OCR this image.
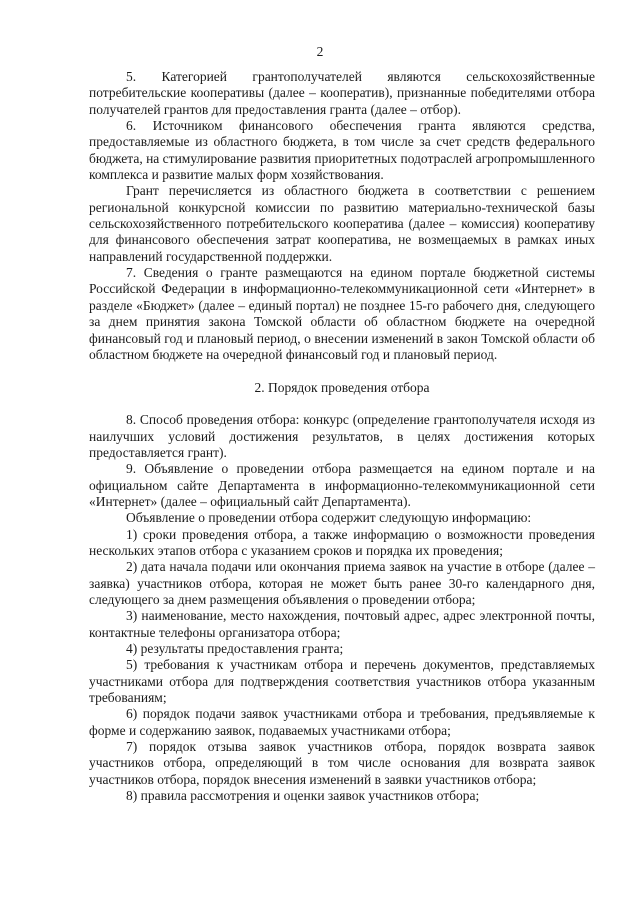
2

5. Категорией грантополучателей являются сельскохозяйственные потребительские кооперативы (далее – кооператив), признанные победителями отбора получателей грантов для предоставления гранта (далее – отбор).

6. Источником финансового обеспечения гранта являются средства, предоставляемые из областного бюджета, в том числе за счет средств федерального бюджета, на стимулирование развития приоритетных подотраслей агропромышленного комплекса и развитие малых форм хозяйствования.

Грант перечисляется из областного бюджета в соответствии с решением региональной конкурсной комиссии по развитию материально-технической базы сельскохозяйственного потребительского кооператива (далее – комиссия) кооперативу для финансового обеспечения затрат кооператива, не возмещаемых в рамках иных направлений государственной поддержки.

7. Сведения о гранте размещаются на едином портале бюджетной системы Российской Федерации в информационно-телекоммуникационной сети «Интернет» в разделе «Бюджет» (далее – единый портал) не позднее 15-го рабочего дня, следующего за днем принятия закона Томской области об областном бюджете на очередной финансовый год и плановый период, о внесении изменений в закон Томской области об областном бюджете на очередной финансовый год и плановый период.

2. Порядок проведения отбора

8. Способ проведения отбора: конкурс (определение грантополучателя исходя из наилучших условий достижения результатов, в целях достижения которых предоставляется грант).

9. Объявление о проведении отбора размещается на едином портале и на официальном сайте Департамента в информационно-телекоммуникационной сети «Интернет» (далее – официальный сайт Департамента).

Объявление о проведении отбора содержит следующую информацию:

1) сроки проведения отбора, а также информацию о возможности проведения нескольких этапов отбора с указанием сроков и порядка их проведения;

2) дата начала подачи или окончания приема заявок на участие в отборе (далее – заявка) участников отбора, которая не может быть ранее 30-го календарного дня, следующего за днем размещения объявления о проведении отбора;

3) наименование, место нахождения, почтовый адрес, адрес электронной почты, контактные телефоны организатора отбора;

4) результаты предоставления гранта;

5) требования к участникам отбора и перечень документов, представляемых участниками отбора для подтверждения соответствия участников отбора указанным требованиям;

6) порядок подачи заявок участниками отбора и требования, предъявляемые к форме и содержанию заявок, подаваемых участниками отбора;

7) порядок отзыва заявок участников отбора, порядок возврата заявок участников отбора, определяющий в том числе основания для возврата заявок участников отбора, порядок внесения изменений в заявки участников отбора;

8) правила рассмотрения и оценки заявок участников отбора;
